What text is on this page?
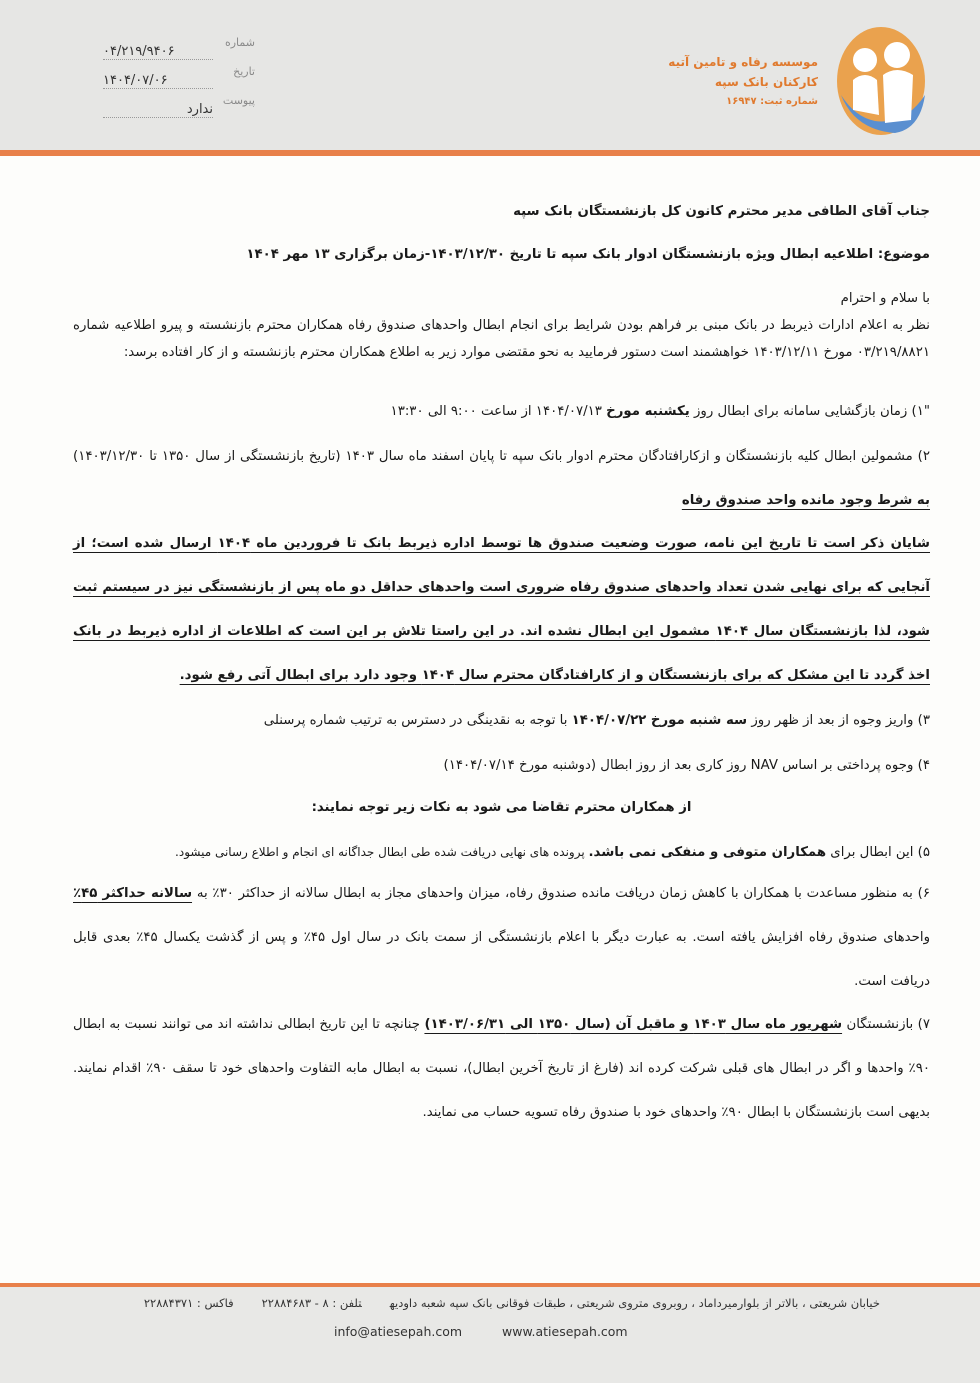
موسسه رفاه و تامین آتیه
کارکنان بانک سپه
شماره ثبت: ۱۶۹۴۷
شماره
۰۴/۲۱۹/۹۴۰۶
تاریخ
۱۴۰۴/۰۷/۰۶
پیوست
ندارد
جناب آقای الطافی مدیر محترم کانون کل بازنشستگان بانک سپه
موضوع: اطلاعیه ابطال ویژه بازنشستگان ادوار بانک سپه تا تاریخ ۱۴۰۳/۱۲/۳۰-زمان برگزاری ۱۳ مهر ۱۴۰۴
با سلام و احترام
نظر به اعلام ادارات ذیربط در بانک مبنی بر فراهم بودن شرایط برای انجام ابطال واحدهای صندوق رفاه همکاران محترم بازنشسته و پیرو اطلاعیه شماره ۰۳/۲۱۹/۸۸۲۱ مورخ ۱۴۰۳/۱۲/۱۱ خواهشمند است دستور فرمایید به نحو مقتضی موارد زیر به اطلاع همکاران محترم بازنشسته و از کار افتاده برسد:
"۱) زمان بازگشایی سامانه برای ابطال روز یکشنبه مورخ ۱۴۰۴/۰۷/۱۳ از ساعت ۹:۰۰ الی ۱۳:۳۰
۲) مشمولین ابطال کلیه بازنشستگان و ازکارافتادگان محترم ادوار بانک سپه تا پایان اسفند ماه سال ۱۴۰۳ (تاریخ بازنشستگی از سال ۱۳۵۰ تا ۱۴۰۳/۱۲/۳۰) به شرط وجود مانده واحد صندوق رفاه
شایان ذکر است تا تاریخ این نامه، صورت وضعیت صندوق ها توسط اداره ذیربط بانک تا فروردین ماه ۱۴۰۴ ارسال شده است؛ از آنجایی که برای نهایی شدن تعداد واحدهای صندوق رفاه ضروری است واحدهای حداقل دو ماه پس از بازنشستگی نیز در سیستم ثبت شود، لذا بازنشستگان سال ۱۴۰۴ مشمول این ابطال نشده اند. در این راستا تلاش بر این است که اطلاعات از اداره ذیربط در بانک اخذ گردد تا این مشکل که برای بازنشستگان و از کارافتادگان محترم سال ۱۴۰۴ وجود دارد برای ابطال آتی رفع شود.
۳) واریز وجوه از بعد از ظهر روز سه شنبه مورخ ۱۴۰۴/۰۷/۲۲ با توجه به نقدینگی در دسترس به ترتیب شماره پرسنلی
۴) وجوه پرداختی بر اساس NAV روز کاری بعد از روز ابطال (دوشنبه مورخ ۱۴۰۴/۰۷/۱۴)
از همکاران محترم تقاضا می شود به نکات زیر توجه نمایند:
۵) این ابطال برای همکاران متوفی و منفکی نمی باشد. پرونده های نهایی دریافت شده طی ابطال جداگانه ای انجام و اطلاع رسانی میشود.
۶) به منظور مساعدت با همکاران با کاهش زمان دریافت مانده صندوق رفاه، میزان واحدهای مجاز به ابطال سالانه از حداکثر ۳۰٪ به سالانه حداکثر ۴۵٪ واحدهای صندوق رفاه افزایش یافته است. به عبارت دیگر با اعلام بازنشستگی از سمت بانک در سال اول ۴۵٪ و پس از گذشت یکسال ۴۵٪ بعدی قابل دریافت است.
۷) بازنشستگان شهریور ماه سال ۱۴۰۳ و ماقبل آن (سال ۱۳۵۰ الی ۱۴۰۳/۰۶/۳۱) چنانچه تا این تاریخ ابطالی نداشته اند می توانند نسبت به ابطال ۹۰٪ واحدها و اگر در ابطال های قبلی شرکت کرده اند (فارغ از تاریخ آخرین ابطال)، نسبت به ابطال مابه التفاوت واحدهای خود تا سقف ۹۰٪ اقدام نمایند. بدیهی است بازنشستگان با ابطال ۹۰٪ واحدهای خود با صندوق رفاه تسویه حساب می نمایند.
خیابان شریعتی ، بالاتر از بلوارمیرداماد ، روبروی متروی شریعتی ، طبقات فوقانی بانک سپه شعبه داودیهتلفن : ۸ - ۲۲۸۸۴۶۸۳فاکس : ۲۲۸۸۴۳۷۱
info@atiesepah.com	www.atiesepah.com
